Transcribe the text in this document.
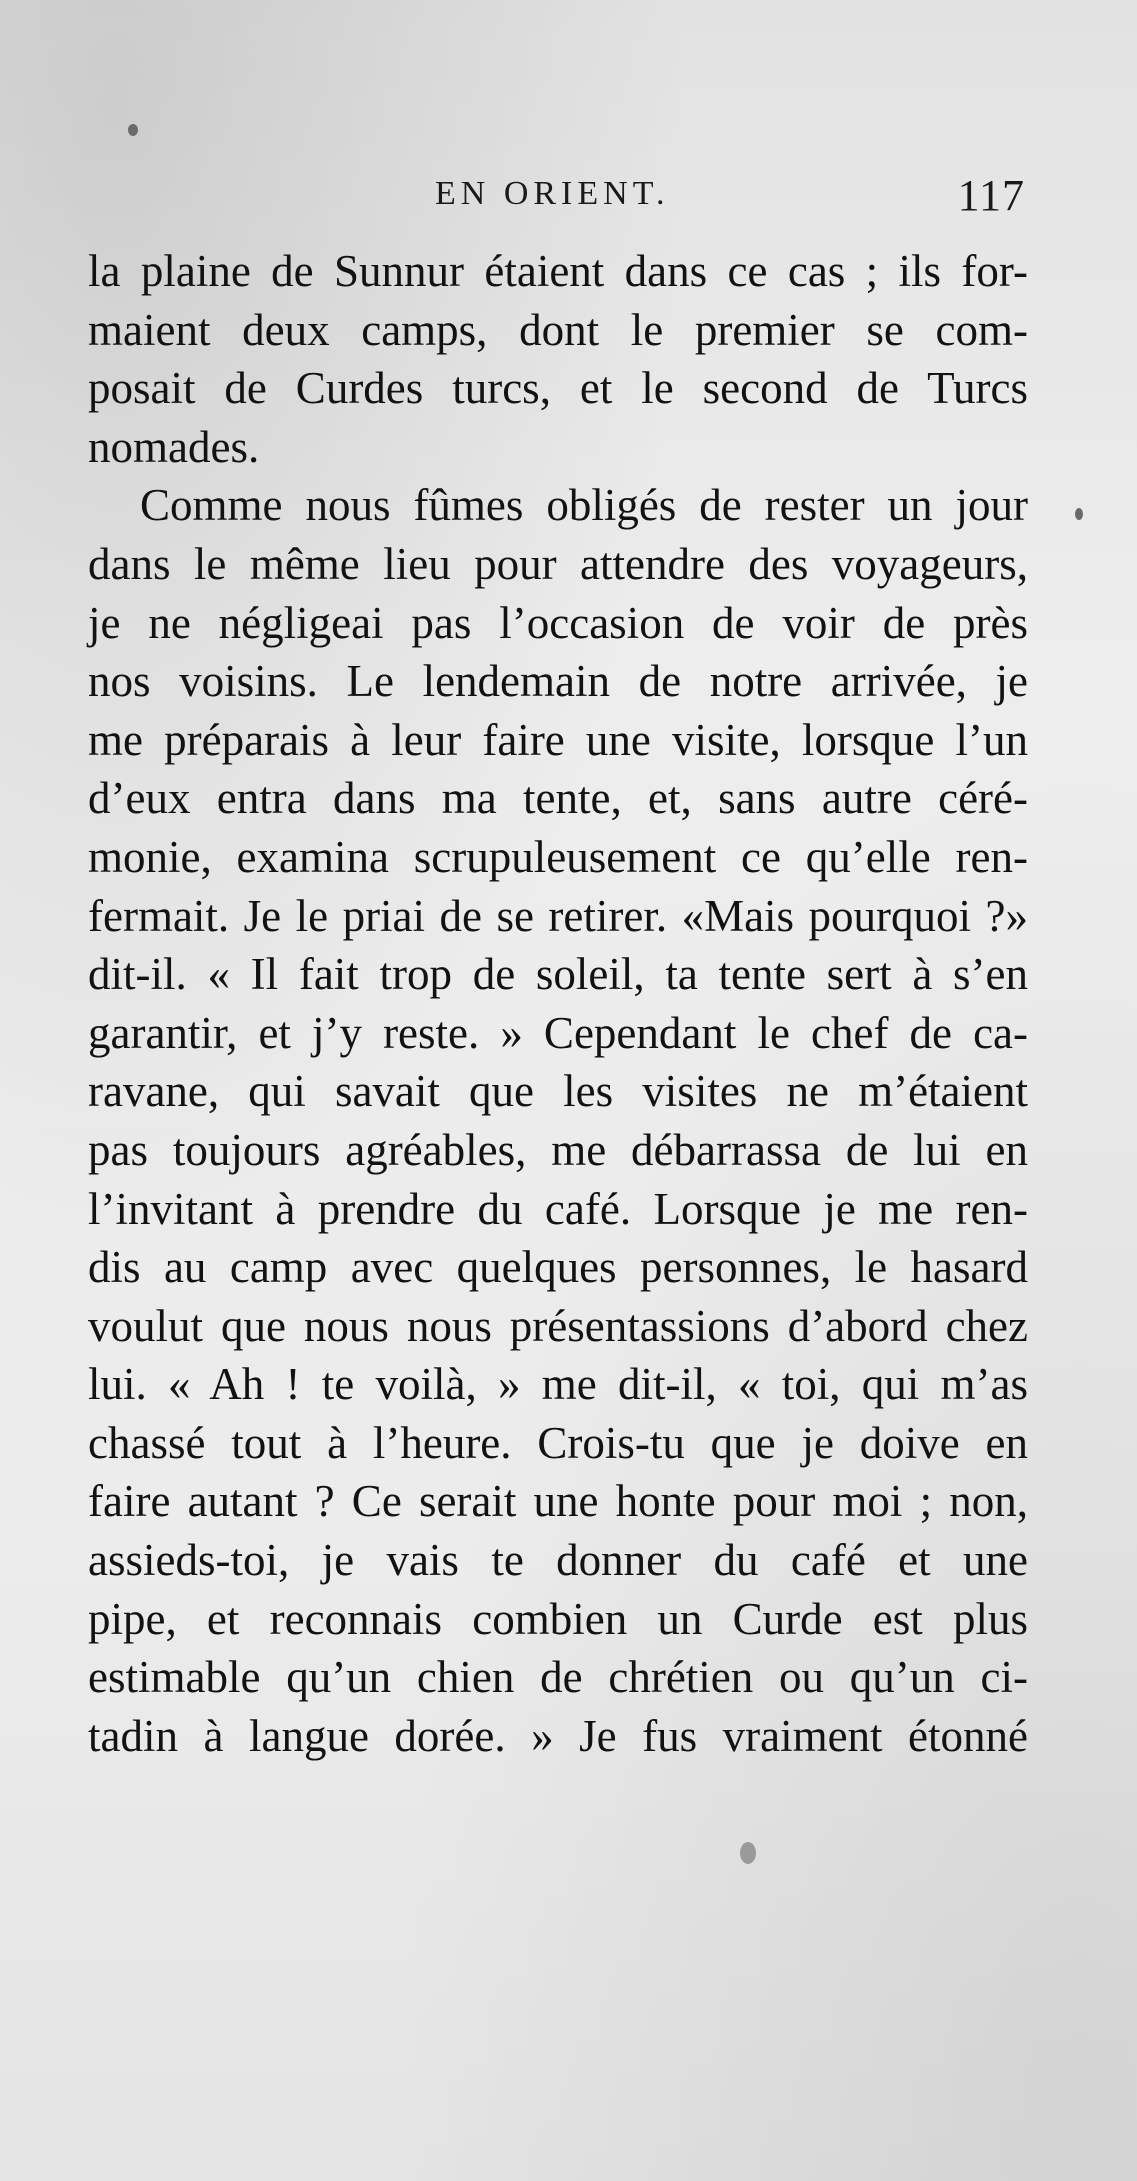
EN ORIENT.	117
la plaine de Sunnur étaient dans ce cas ; ils for-
maient deux camps, dont le premier se com-
posait de Curdes turcs, et le second de Turcs
nomades.
Comme nous fûmes obligés de rester un jour
dans le même lieu pour attendre des voyageurs,
je ne négligeai pas l’occasion de voir de près
nos voisins. Le lendemain de notre arrivée, je
me préparais à leur faire une visite, lorsque l’un
d’eux entra dans ma tente, et, sans autre céré-
monie, examina scrupuleusement ce qu’elle ren-
fermait. Je le priai de se retirer. «Mais pourquoi ?»
dit-il. « Il fait trop de soleil, ta tente sert à s’en
garantir, et j’y reste. » Cependant le chef de ca-
ravane, qui savait que les visites ne m’étaient
pas toujours agréables, me débarrassa de lui en
l’invitant à prendre du café. Lorsque je me ren-
dis au camp avec quelques personnes, le hasard
voulut que nous nous présentassions d’abord chez
lui. « Ah ! te voilà, » me dit-il, « toi, qui m’as
chassé tout à l’heure. Crois-tu que je doive en
faire autant ? Ce serait une honte pour moi ; non,
assieds-toi, je vais te donner du café et une
pipe, et reconnais combien un Curde est plus
estimable qu’un chien de chrétien ou qu’un ci-
tadin à langue dorée. » Je fus vraiment étonné
